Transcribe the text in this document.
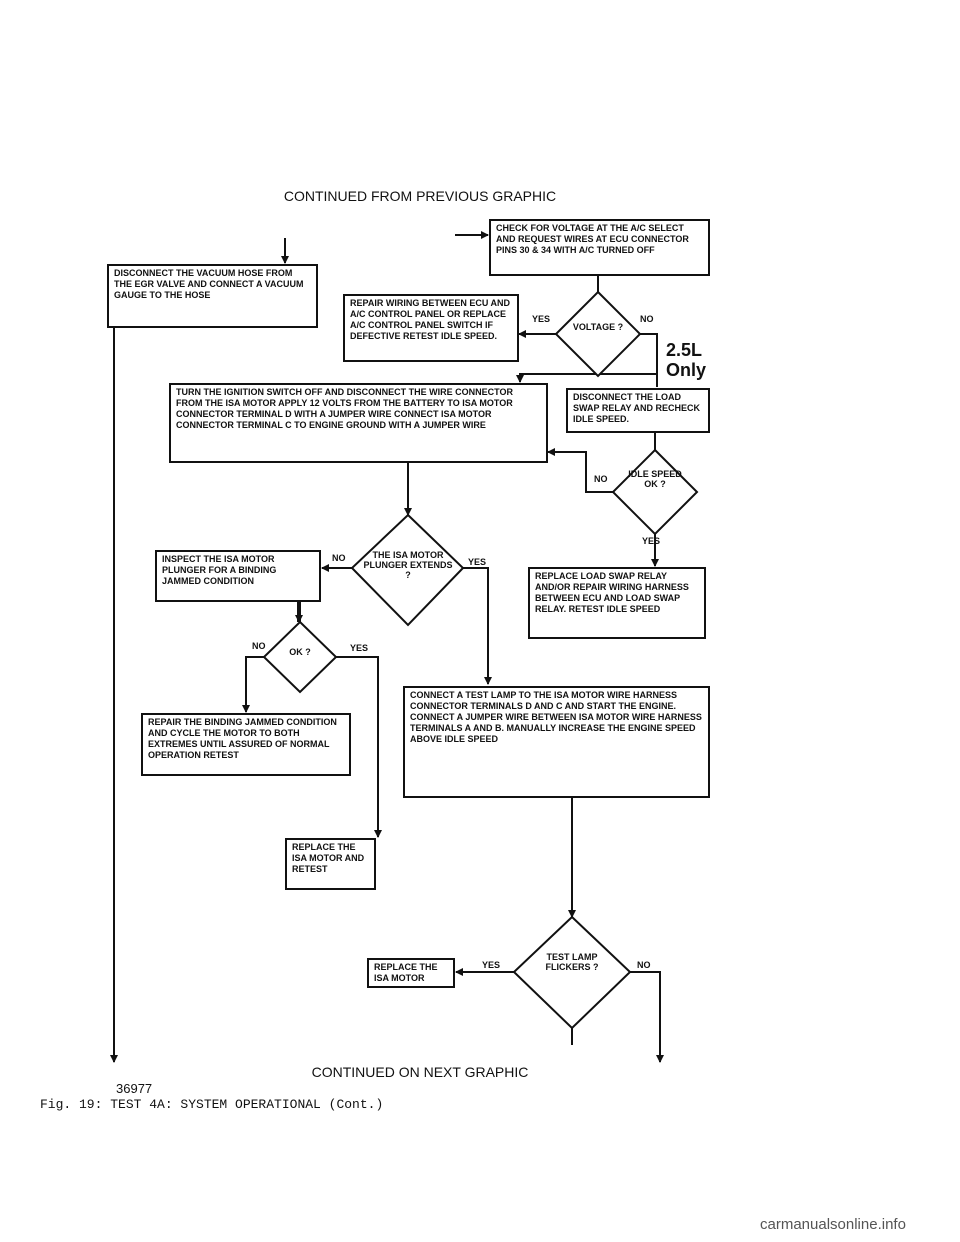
CONTINUED FROM PREVIOUS GRAPHIC
CHECK FOR VOLTAGE AT THE A/C SELECT AND REQUEST WIRES AT ECU CONNECTOR PINS 30 & 34 WITH A/C TURNED OFF
DISCONNECT THE VACUUM HOSE FROM THE EGR VALVE AND CONNECT A VACUUM GAUGE TO THE HOSE
REPAIR WIRING BETWEEN ECU AND A/C CONTROL PANEL OR REPLACE A/C CONTROL PANEL SWITCH IF DEFECTIVE RETEST IDLE SPEED.
VOLTAGE ?
YES	NO
2.5L
Only
TURN THE IGNITION SWITCH OFF AND DISCONNECT THE WIRE CONNECTOR FROM THE ISA MOTOR APPLY 12 VOLTS FROM THE BATTERY TO ISA MOTOR CONNECTOR TERMINAL D WITH A JUMPER WIRE CONNECT ISA MOTOR CONNECTOR TERMINAL C TO ENGINE GROUND WITH A JUMPER WIRE
DISCONNECT THE LOAD SWAP RELAY AND RECHECK IDLE SPEED.
IDLE SPEED OK ?
NO
YES
THE ISA MOTOR PLUNGER EXTENDS ?
NO	YES
INSPECT THE ISA MOTOR PLUNGER FOR A BINDING JAMMED CONDITION	REPLACE LOAD SWAP RELAY AND/OR REPAIR WIRING HARNESS BETWEEN ECU AND LOAD SWAP RELAY. RETEST IDLE SPEED
OK ?
NO	YES
CONNECT A TEST LAMP TO THE ISA MOTOR WIRE HARNESS CONNECTOR TERMINALS D AND C AND START THE ENGINE. CONNECT A JUMPER WIRE BETWEEN ISA MOTOR WIRE HARNESS TERMINALS A AND B. MANUALLY INCREASE THE ENGINE SPEED ABOVE IDLE SPEED
REPAIR THE BINDING JAMMED CONDITION AND CYCLE THE MOTOR TO BOTH EXTREMES UNTIL ASSURED OF NORMAL OPERATION RETEST
REPLACE THE ISA MOTOR AND RETEST
TEST LAMP FLICKERS ?
YES	NO
REPLACE THE ISA MOTOR
CONTINUED ON NEXT GRAPHIC
36977
Fig. 19: TEST 4A: SYSTEM OPERATIONAL (Cont.)
carmanualsonline.info
